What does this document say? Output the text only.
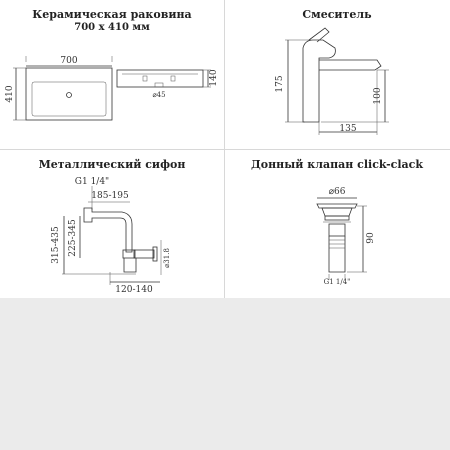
Керамическая раковина
700 x 410 мм
700
410
140
⌀45
Смеситель
175
100
135
Металлический сифон
G1 1/4"
185-195
⌀31.8
315-435 225-345
120-140
Донный клапан click-clack
⌀66
90
G1 1/4"
